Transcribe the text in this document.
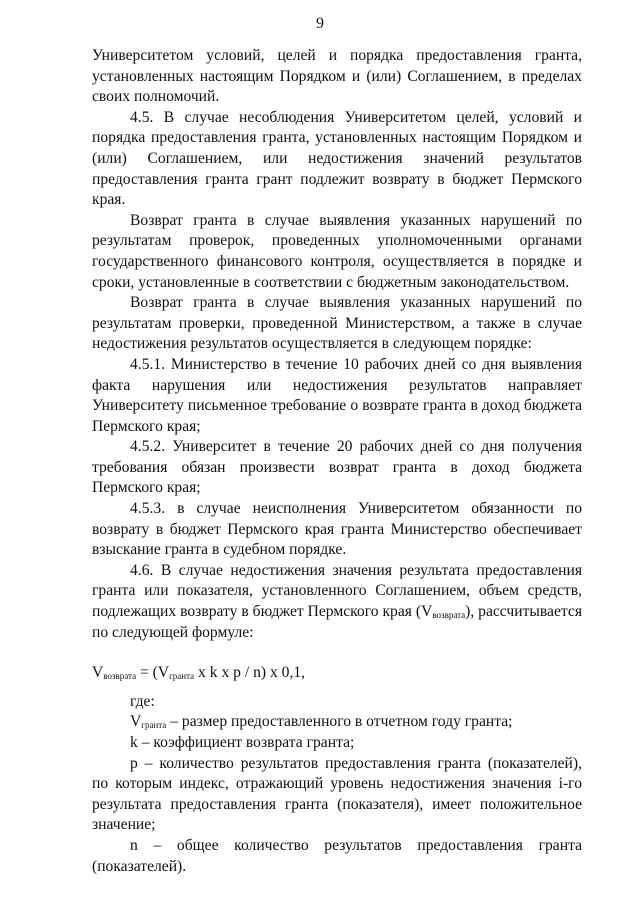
9

Университетом условий, целей и порядка предоставления гранта, установленных настоящим Порядком и (или) Соглашением, в пределах своих полномочий.

4.5. В случае несоблюдения Университетом целей, условий и порядка предоставления гранта, установленных настоящим Порядком и (или) Соглашением, или недостижения значений результатов предоставления гранта грант подлежит возврату в бюджет Пермского края.

Возврат гранта в случае выявления указанных нарушений по результатам проверок, проведенных уполномоченными органами государственного финансового контроля, осуществляется в порядке и сроки, установленные в соответствии с бюджетным законодательством.

Возврат гранта в случае выявления указанных нарушений по результатам проверки, проведенной Министерством, а также в случае недостижения результатов осуществляется в следующем порядке:

4.5.1. Министерство в течение 10 рабочих дней со дня выявления факта нарушения или недостижения результатов направляет Университету письменное требование о возврате гранта в доход бюджета Пермского края;

4.5.2. Университет в течение 20 рабочих дней со дня получения требования обязан произвести возврат гранта в доход бюджета Пермского края;

4.5.3. в случае неисполнения Университетом обязанности по возврату в бюджет Пермского края гранта Министерство обеспечивает взыскание гранта в судебном порядке.

4.6. В случае недостижения значения результата предоставления гранта или показателя, установленного Соглашением, объем средств, подлежащих возврату в бюджет Пермского края $(V_{возврата})$, рассчитывается по следующей формуле:

$V_{возврата} = (V_{гранта}$ x k x p / n) x 0,1,

где:

$V_{гранта}$ – размер предоставленного в отчетном году гранта;

k – коэффициент возврата гранта;

p – количество результатов предоставления гранта (показателей), по которым индекс, отражающий уровень недостижения значения i-го результата предоставления гранта (показателя), имеет положительное значение;

n – общее количество результатов предоставления гранта (показателей).
